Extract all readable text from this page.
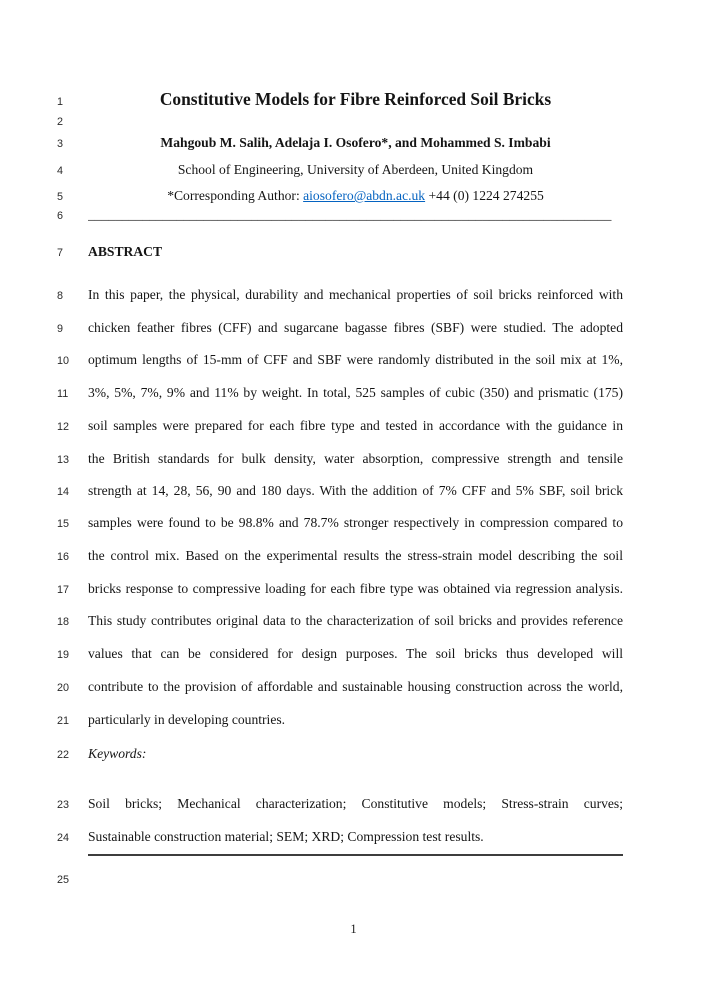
1	Constitutive Models for Fibre Reinforced Soil Bricks
2
3	Mahgoub M. Salih, Adelaja I. Osofero*, and Mohammed S. Imbabi
4	School of Engineering, University of Aberdeen, United Kingdom
5	*Corresponding Author: aiosofero@abdn.ac.uk +44 (0) 1224 274255
6	_____________________________________________________________________________
7	ABSTRACT
8	In this paper, the physical, durability and mechanical properties of soil bricks reinforced with
9	chicken feather fibres (CFF) and sugarcane bagasse fibres (SBF) were studied. The adopted
10	optimum lengths of 15-mm of CFF and SBF were randomly distributed in the soil mix at 1%,
11	3%, 5%, 7%, 9% and 11% by weight. In total, 525 samples of cubic (350) and prismatic (175)
12	soil samples were prepared for each fibre type and tested in accordance with the guidance in
13	the British standards for bulk density, water absorption, compressive strength and tensile
14	strength at 14, 28, 56, 90 and 180 days. With the addition of 7% CFF and 5% SBF, soil brick
15	samples were found to be 98.8% and 78.7% stronger respectively in compression compared to
16	the control mix. Based on the experimental results the stress-strain model describing the soil
17	bricks response to compressive loading for each fibre type was obtained via regression analysis.
18	This study contributes original data to the characterization of soil bricks and provides reference
19	values that can be considered for design purposes. The soil bricks thus developed will
20	contribute to the provision of affordable and sustainable housing construction across the world,
21	particularly in developing countries.
22	Keywords:
23	Soil bricks; Mechanical characterization; Constitutive models; Stress-strain curves;
24	Sustainable construction material; SEM; XRD; Compression test results.
25
1
